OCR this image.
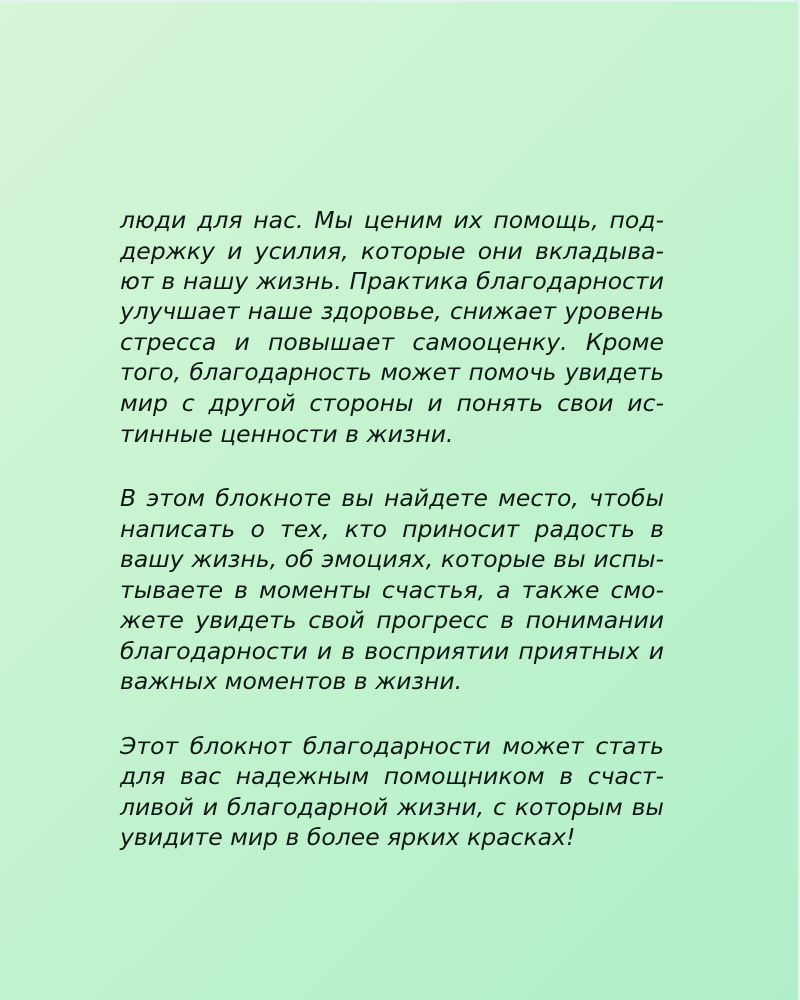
люди для нас. Мы ценим их помощь, под-
держку и усилия, которые они вкладыва-
ют в нашу жизнь. Практика благодарности
улучшает наше здоровье, снижает уровень
стресса и повышает самооценку. Кроме
того, благодарность может помочь увидеть
мир с другой стороны и понять свои ис-
тинные ценности в жизни.

В этом блокноте вы найдете место, чтобы
написать о тех, кто приносит радость в
вашу жизнь, об эмоциях, которые вы испы-
тываете в моменты счастья, а также смо-
жете увидеть свой прогресс в понимании
благодарности и в восприятии приятных и
важных моментов в жизни.

Этот блокнот благодарности может стать
для вас надежным помощником в счаст-
ливой и благодарной жизни, с которым вы
увидите мир в более ярких красках!
